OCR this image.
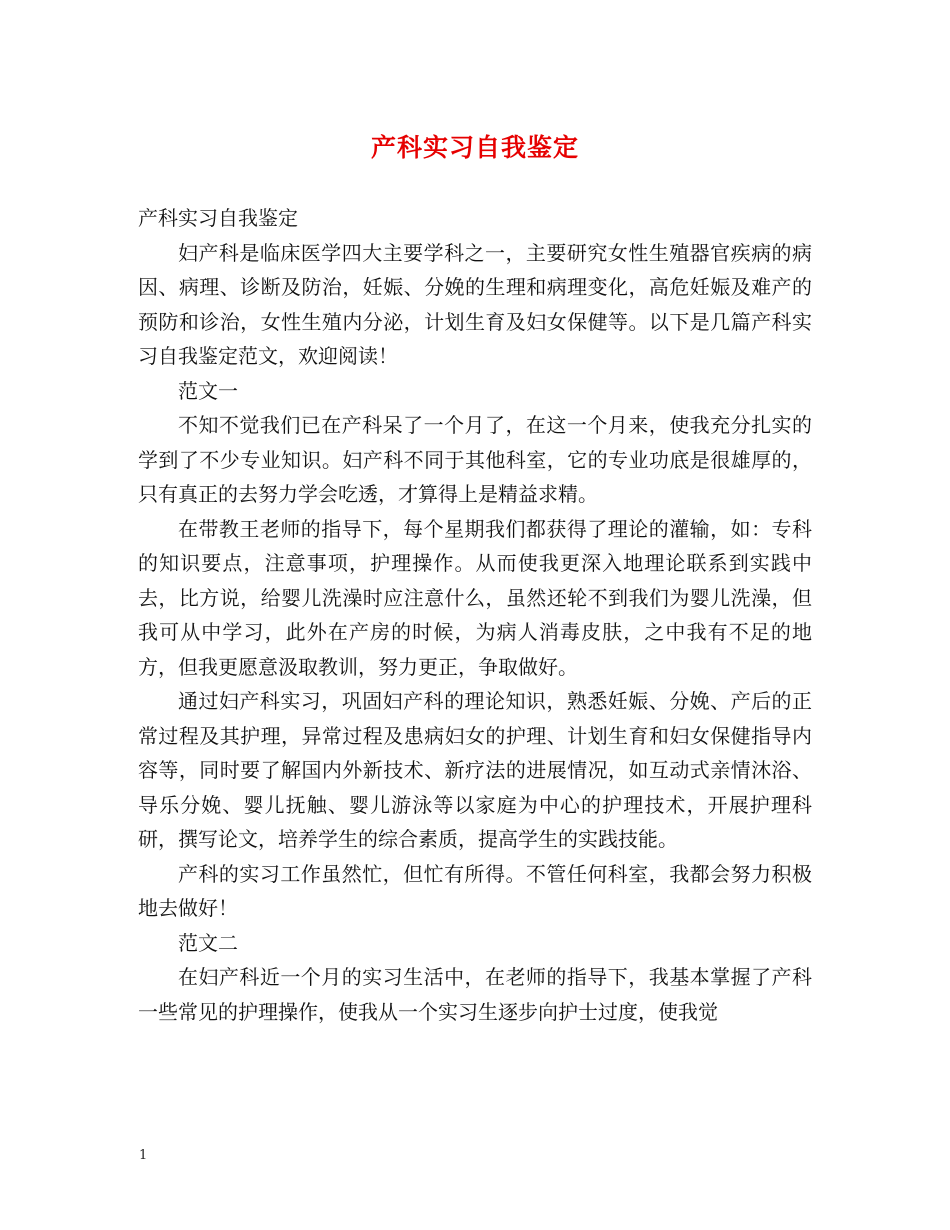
产科实习自我鉴定

产科实习自我鉴定

妇产科是临床医学四大主要学科之一，主要研究女性生殖器官疾病的病因、病理、诊断及防治，妊娠、分娩的生理和病理变化，高危妊娠及难产的预防和诊治，女性生殖内分泌，计划生育及妇女保健等。以下是几篇产科实习自我鉴定范文，欢迎阅读！

范文一

不知不觉我们已在产科呆了一个月了，在这一个月来，使我充分扎实的学到了不少专业知识。妇产科不同于其他科室，它的专业功底是很雄厚的，只有真正的去努力学会吃透，才算得上是精益求精。

在带教王老师的指导下，每个星期我们都获得了理论的灌输，如：专科的知识要点，注意事项，护理操作。从而使我更深入地理论联系到实践中去，比方说，给婴儿洗澡时应注意什么，虽然还轮不到我们为婴儿洗澡，但我可从中学习，此外在产房的时候，为病人消毒皮肤，之中我有不足的地方，但我更愿意汲取教训，努力更正，争取做好。

通过妇产科实习，巩固妇产科的理论知识，熟悉妊娠、分娩、产后的正常过程及其护理，异常过程及患病妇女的护理、计划生育和妇女保健指导内容等，同时要了解国内外新技术、新疗法的进展情况，如互动式亲情沐浴、导乐分娩、婴儿抚触、婴儿游泳等以家庭为中心的护理技术，开展护理科研，撰写论文，培养学生的综合素质，提高学生的实践技能。

产科的实习工作虽然忙，但忙有所得。不管任何科室，我都会努力积极地去做好！

范文二

在妇产科近一个月的实习生活中，在老师的指导下，我基本掌握了产科一些常见的护理操作，使我从一个实习生逐步向护士过度，使我觉

1
